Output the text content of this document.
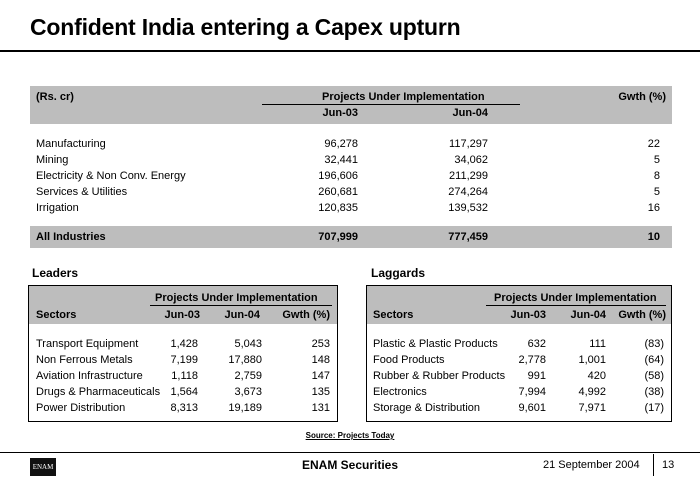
Confident India entering a Capex upturn
(Rs. cr)	Projects Under Implementation	Gwth (%)
Jun-03	Jun-04
Manufacturing	96,278	117,297	22
Mining	32,441	34,062	5
Electricity & Non Conv. Energy	196,606	211,299	8
Services & Utilities	260,681	274,264	5
Irrigation	120,835	139,532	16
All Industries	707,999	777,459	10
Leaders
Projects Under Implementation
Sectors	Jun-03	Jun-04	Gwth (%)
Transport Equipment	1,428	5,043	253
Non Ferrous Metals	7,199	17,880	148
Aviation Infrastructure	1,118	2,759	147
Drugs & Pharmaceuticals 1,564	3,673	135
Power Distribution	8,313	19,189	131
Laggards
Projects Under Implementation
Sectors	Jun-03	Jun-04	Gwth (%)
Plastic & Plastic Products	632	111	(83)
Food Products	2,778	1,001	(64)
Rubber & Rubber Products	991	420	(58)
Electronics	7,994	4,992	(38)
Storage & Distribution	9,601	7,971	(17)
Source: Projects Today
ENAM	ENAM Securities	21 September 2004 13
